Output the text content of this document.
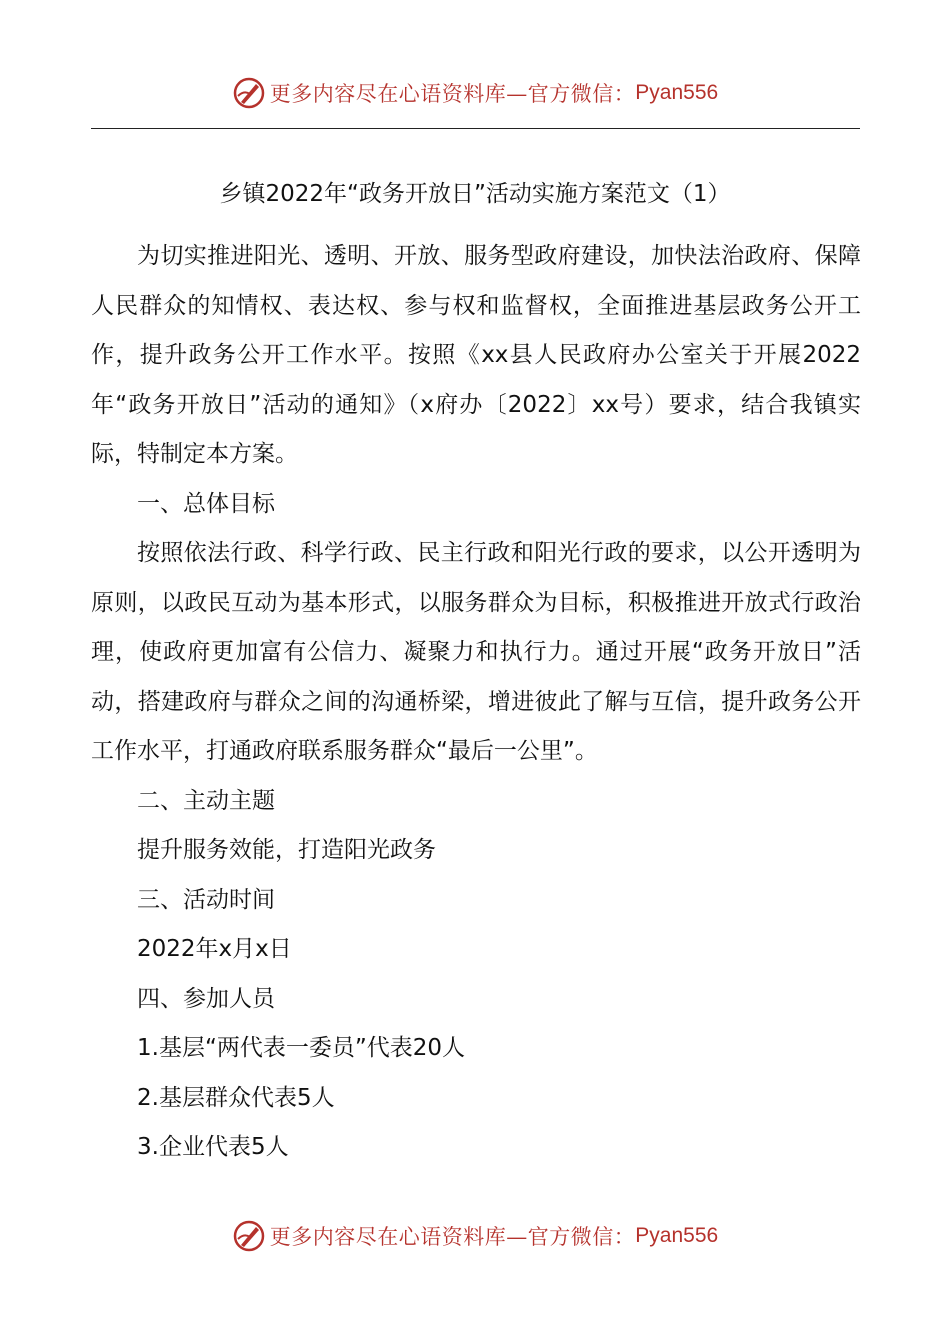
更多内容尽在心语资料库—官方微信： Pyan556
乡镇2022年“政务开放日”活动实施方案范文（1）

为切实推进阳光、透明、开放、服务型政府建设，加快法治政府、保障人民群众的知情权、表达权、参与权和监督权，全面推进基层政务公开工作，提升政务公开工作水平。按照《xx县人民政府办公室关于开展2022年“政务开放日”活动的通知》（x府办〔2022〕xx号）要求，结合我镇实际，特制定本方案。

一、总体目标

按照依法行政、科学行政、民主行政和阳光行政的要求，以公开透明为原则，以政民互动为基本形式，以服务群众为目标，积极推进开放式行政治理，使政府更加富有公信力、凝聚力和执行力。通过开展“政务开放日”活动，搭建政府与群众之间的沟通桥梁，增进彼此了解与互信，提升政务公开工作水平，打通政府联系服务群众“最后一公里”。

二、主动主题

提升服务效能，打造阳光政务

三、活动时间

2022年x月x日

四、参加人员

1.基层“两代表一委员”代表20人

2.基层群众代表5人

3.企业代表5人

更多内容尽在心语资料库—官方微信： Pyan556
